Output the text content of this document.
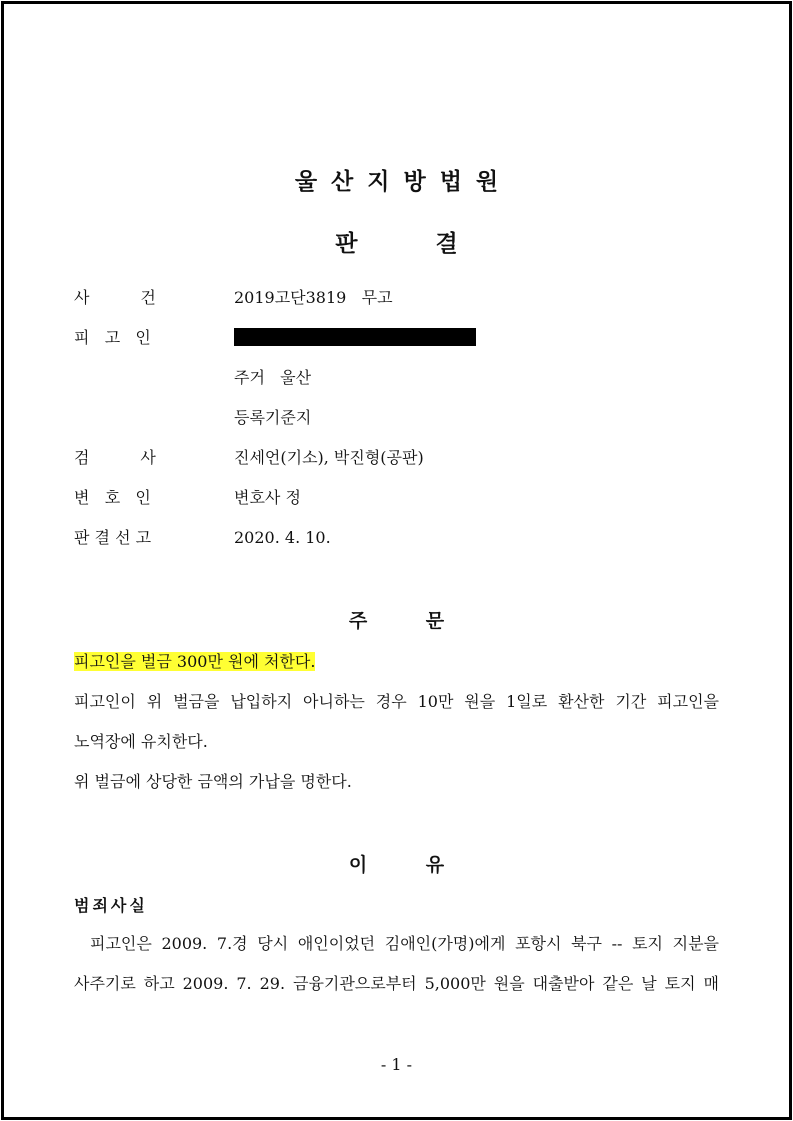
울산지방법원
판 결
사          건	2019고단3819   무고
피   고   인
주거   울산
등록기준지
검          사	진세언(기소), 박진형(공판)
변   호   인	변호사 정
판 결 선 고	2020. 4. 10.
주 문
피고인을 벌금 300만 원에 처한다.
피고인이 위 벌금을 납입하지 아니하는 경우 10만 원을 1일로 환산한 기간 피고인을
노역장에 유치한다.
위 벌금에 상당한 금액의 가납을 명한다.
이 유
범죄사실
피고인은 2009. 7.경 당시 애인이었던 김애인(가명)에게 포항시 북구 -- 토지 지분을
사주기로 하고 2009. 7. 29. 금융기관으로부터 5,000만 원을 대출받아 같은 날 토지 매
- 1 -
